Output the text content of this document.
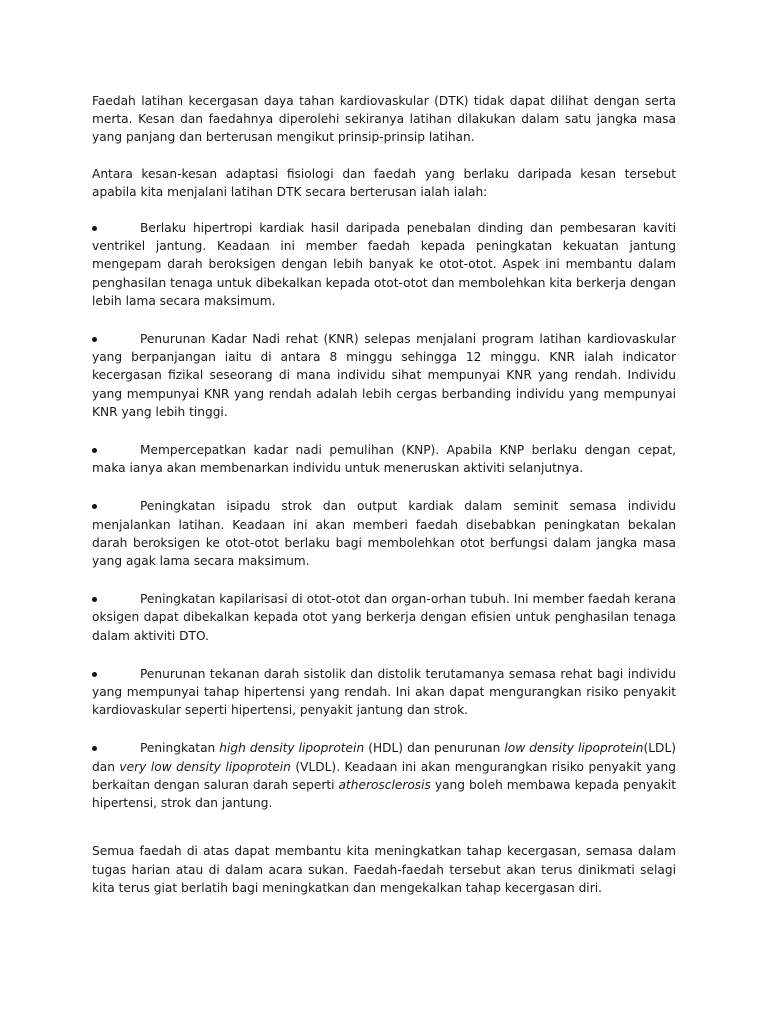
Faedah latihan kecergasan daya tahan kardiovaskular (DTK) tidak dapat dilihat dengan serta merta. Kesan dan faedahnya diperolehi sekiranya latihan dilakukan dalam satu jangka masa yang panjang dan berterusan mengikut prinsip-prinsip latihan.

Antara kesan-kesan adaptasi fisiologi dan faedah yang berlaku daripada kesan tersebut apabila kita menjalani latihan DTK secara berterusan ialah ialah:

Berlaku hipertropi kardiak hasil daripada penebalan dinding dan pembesaran kaviti ventrikel jantung. Keadaan ini member faedah kepada peningkatan kekuatan jantung mengepam darah beroksigen dengan lebih banyak ke otot-otot. Aspek ini membantu dalam penghasilan tenaga untuk dibekalkan kepada otot-otot dan membolehkan kita berkerja dengan lebih lama secara maksimum.

Penurunan Kadar Nadi rehat (KNR) selepas menjalani program latihan kardiovaskular yang berpanjangan iaitu di antara 8 minggu sehingga 12 minggu. KNR ialah indicator kecergasan fizikal seseorang di mana individu sihat mempunyai KNR yang rendah. Individu yang mempunyai KNR yang rendah adalah lebih cergas berbanding individu yang mempunyai KNR yang lebih tinggi.

Mempercepatkan kadar nadi pemulihan (KNP). Apabila KNP berlaku dengan cepat, maka ianya akan membenarkan individu untuk meneruskan aktiviti selanjutnya.

Peningkatan isipadu strok dan output kardiak dalam seminit semasa individu menjalankan latihan. Keadaan ini akan memberi faedah disebabkan peningkatan bekalan darah beroksigen ke otot-otot berlaku bagi membolehkan otot berfungsi dalam jangka masa yang agak lama secara maksimum.

Peningkatan kapilarisasi di otot-otot dan organ-orhan tubuh. Ini member faedah kerana oksigen dapat dibekalkan kepada otot yang berkerja dengan efisien untuk penghasilan tenaga dalam aktiviti DTO.

Penurunan tekanan darah sistolik dan distolik terutamanya semasa rehat bagi individu yang mempunyai tahap hipertensi yang rendah. Ini akan dapat mengurangkan risiko penyakit kardiovaskular seperti hipertensi, penyakit jantung dan strok.

Peningkatan high density lipoprotein (HDL) dan penurunan low density lipoprotein(LDL) dan very low density lipoprotein (VLDL). Keadaan ini akan mengurangkan risiko penyakit yang berkaitan dengan saluran darah seperti atherosclerosis yang boleh membawa kepada penyakit hipertensi, strok dan jantung.

Semua faedah di atas dapat membantu kita meningkatkan tahap kecergasan, semasa dalam tugas harian atau di dalam acara sukan. Faedah-faedah tersebut akan terus dinikmati selagi kita terus giat berlatih bagi meningkatkan dan mengekalkan tahap kecergasan diri.
